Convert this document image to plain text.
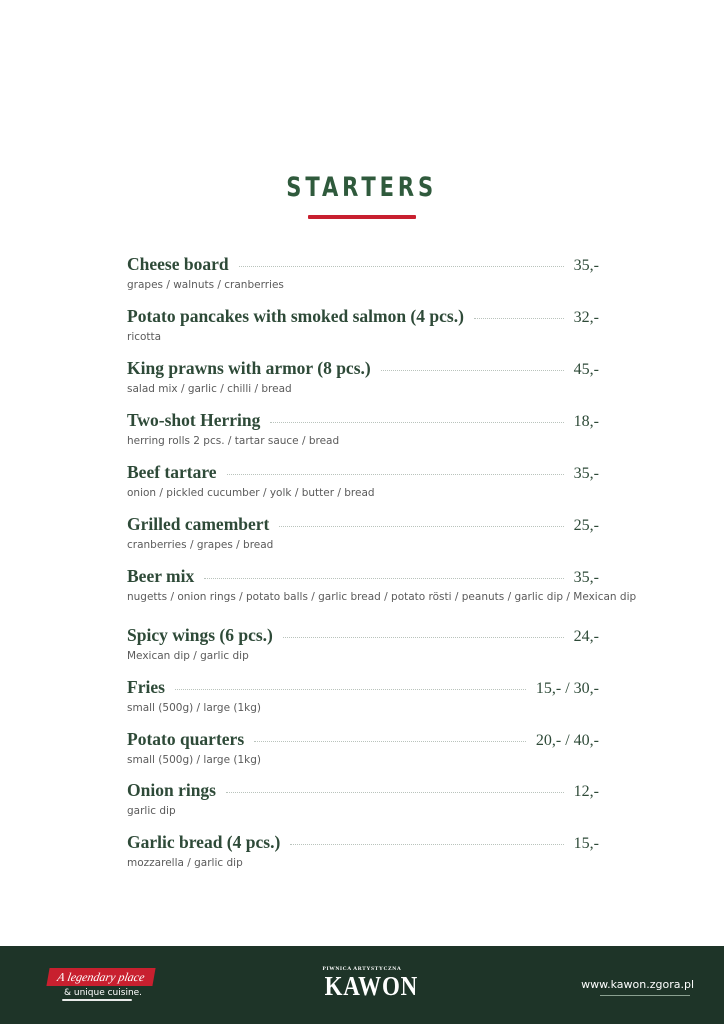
STARTERS
Cheese board	35,-
grapes / walnuts / cranberries
Potato pancakes with smoked salmon (4 pcs.)	32,-
ricotta
King prawns with armor (8 pcs.)	45,-
salad mix / garlic / chilli / bread
Two-shot Herring	18,-
herring rolls 2 pcs. / tartar sauce / bread
Beef tartare	35,-
onion / pickled cucumber / yolk / butter / bread
Grilled camembert	25,-
cranberries / grapes / bread
Beer mix	35,-
nugetts / onion rings / potato balls / garlic bread / potato rösti / peanuts / garlic dip / Mexican dip
Spicy wings (6 pcs.)	24,-
Mexican dip / garlic dip
Fries	15,- / 30,-
small (500g) / large (1kg)
Potato quarters	20,- / 40,-
small (500g) / large (1kg)
Onion rings	12,-
garlic dip
Garlic bread (4 pcs.)	15,-
mozzarella / garlic dip
A legendary place
& unique cuisine.
PIWNICA ARTYSTYCZNA
KAWON	www.kawon.zgora.pl
